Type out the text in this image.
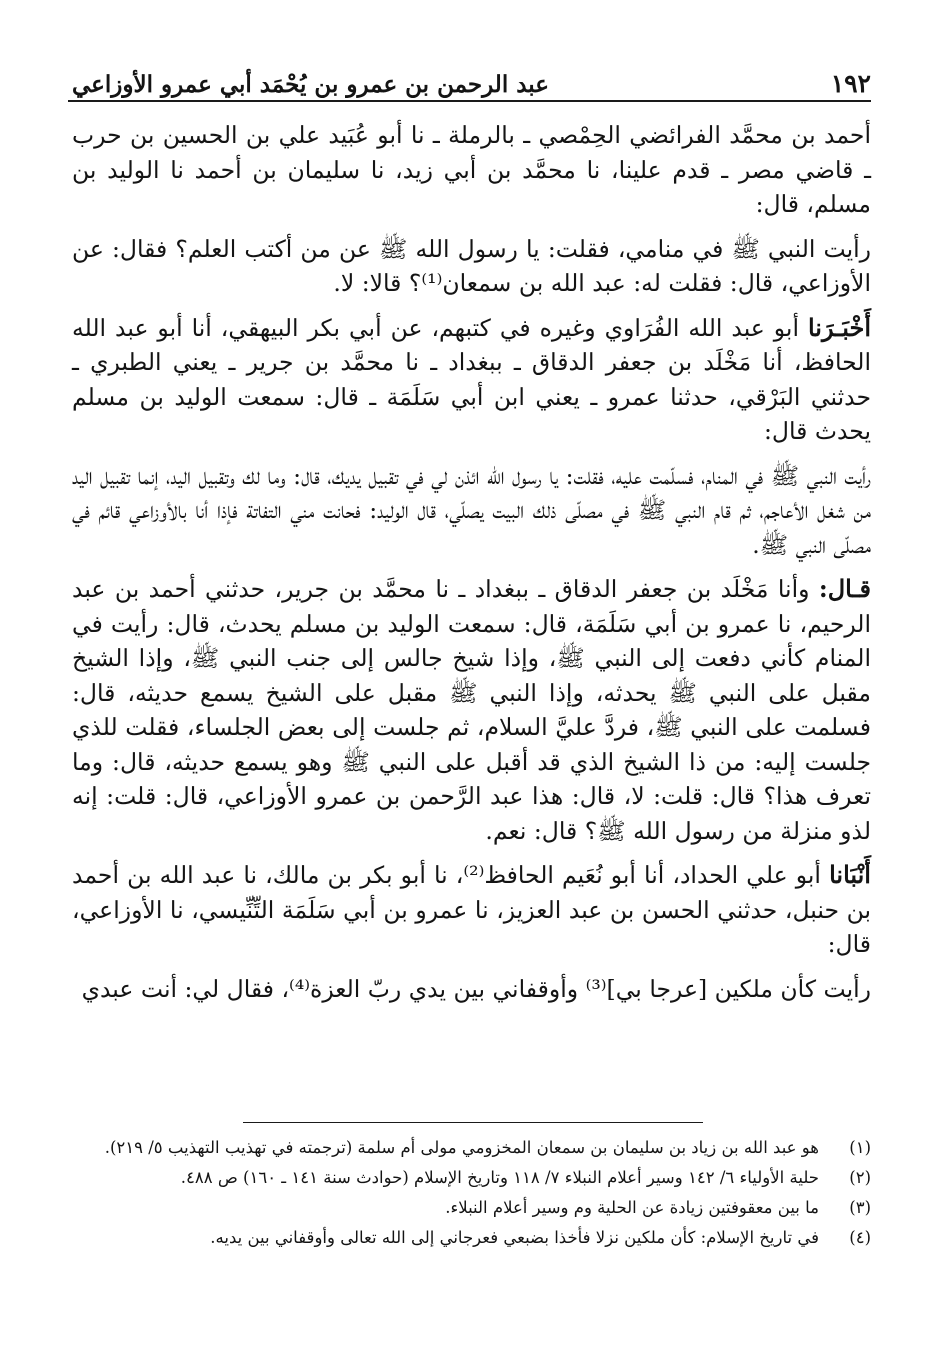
١٩٢
عبد الرحمن بن عمرو بن يُحْمَد أبي عمرو الأوزاعي

أحمد بن محمَّد الفرائضي الحِمْصي ـ بالرملة ـ نا أبو عُبَيد علي بن الحسين بن حرب ـ قاضي مصر ـ قدم علينا، نا محمَّد بن أبي زيد، نا سليمان بن أحمد نا الوليد بن مسلم، قال:

رأيت النبي ﷺ في منامي، فقلت: يا رسول الله ﷺ عن من أكتب العلم؟ فقال: عن الأوزاعي، قال: فقلت له: عبد الله بن سمعان⁽¹⁾؟ قالا: لا.

أَخْبَـرَنا أبو عبد الله الفُرَاوي وغيره في كتبهم، عن أبي بكر البيهقي، أنا أبو عبد الله الحافظ، أنا مَخْلَد بن جعفر الدقاق ـ ببغداد ـ نا محمَّد بن جرير ـ يعني الطبري ـ حدثني البَرْقي، حدثنا عمرو ـ يعني ابن أبي سَلَمَة ـ قال: سمعت الوليد بن مسلم يحدث قال:

رأيت النبي ﷺ في المنام، فسلّمت عليه، فقلت: يا رسول الله ائذن لي في تقبيل يديك، قال: وما لك وتقبيل اليد، إنما تقبيل اليد من شغل الأعاجم، ثم قام النبي ﷺ في مصلّى ذلك البيت يصلّي، قال الوليد: فحانت مني التفاتة فإذا أنا بالأوزاعي قائم في مصلّى النبي ﷺ.

قـال: وأنا مَخْلَد بن جعفر الدقاق ـ ببغداد ـ نا محمَّد بن جرير، حدثني أحمد بن عبد الرحيم، نا عمرو بن أبي سَلَمَة، قال: سمعت الوليد بن مسلم يحدث، قال: رأيت في المنام كأني دفعت إلى النبي ﷺ، وإذا شيخ جالس إلى جنب النبي ﷺ، وإذا الشيخ مقبل على النبي ﷺ يحدثه، وإذا النبي ﷺ مقبل على الشيخ يسمع حديثه، قال: فسلمت على النبي ﷺ، فردَّ عليَّ السلام، ثم جلست إلى بعض الجلساء، فقلت للذي جلست إليه: من ذا الشيخ الذي قد أقبل على النبي ﷺ وهو يسمع حديثه، قال: وما تعرف هذا؟ قال: قلت: لا، قال: هذا عبد الرَّحمن بن عمرو الأوزاعي، قال: قلت: إنه لذو منزلة من رسول الله ﷺ؟ قال: نعم.

أَنْبَانا أبو علي الحداد، أنا أبو نُعَيم الحافظ⁽²⁾، نا أبو بكر بن مالك، نا عبد الله بن أحمد بن حنبل، حدثني الحسن بن عبد العزيز، نا عمرو بن أبي سَلَمَة التِّنِّيسي، نا الأوزاعي، قال:

رأيت كأن ملكين [عرجا بي]⁽³⁾ وأوقفاني بين يدي ربّ العزة⁽⁴⁾، فقال لي: أنت عبدي

(١)
هو عبد الله بن زياد بن سليمان بن سمعان المخزومي مولى أم سلمة (ترجمته في تهذيب التهذيب ٥/ ٢١٩).
(٢)
حلية الأولياء ٦/ ١٤٢ وسير أعلام النبلاء ٧/ ١١٨ وتاريخ الإسلام (حوادث سنة ١٤١ ـ ١٦٠) ص ٤٨٨.
(٣)
ما بين معقوفتين زيادة عن الحلية وم وسير أعلام النبلاء.
(٤)
في تاريخ الإسلام: كأن ملكين نزلا فأخذا بضبعي فعرجاني إلى الله تعالى وأوقفاني بين يديه.
